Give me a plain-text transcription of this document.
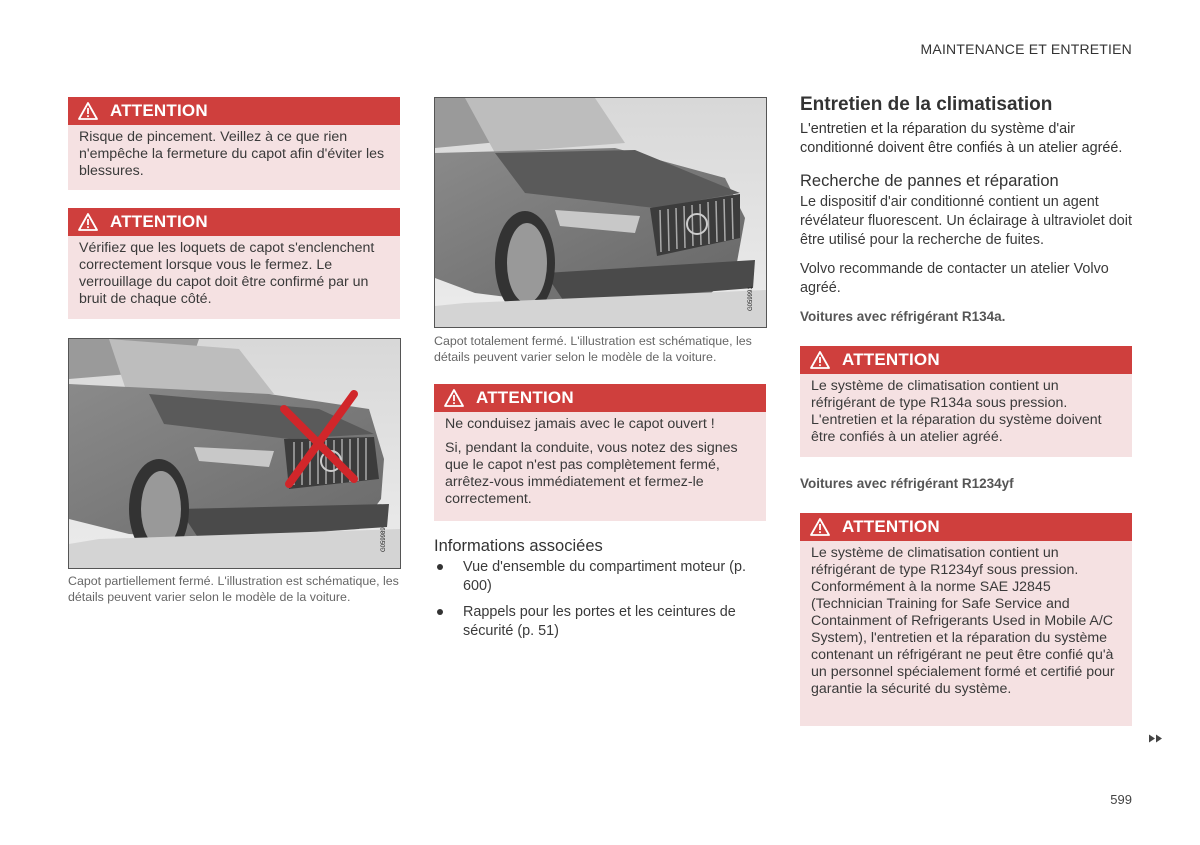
MAINTENANCE ET ENTRETIEN
ATTENTION

Risque de pincement. Veillez à ce que rien n'empêche la fermeture du capot afin d'éviter les blessures.

ATTENTION

Vérifiez que les loquets de capot s'enclenchent correctement lorsque vous le fermez. Le verrouillage du capot doit être confirmé par un bruit de chaque côté.

G059989
Capot partiellement fermé. L'illustration est schématique, les détails peuvent varier selon le modèle de la voiture.
G059991
Capot totalement fermé. L'illustration est schématique, les détails peuvent varier selon le modèle de la voiture.
ATTENTION

Ne conduisez jamais avec le capot ouvert !

Si, pendant la conduite, vous notez des signes que le capot n'est pas complètement fermé, arrêtez-vous immédiatement et fermez-le correctement.

Informations associées
Vue d'ensemble du compartiment moteur (p. 600)
Rappels pour les portes et les ceintures de sécurité (p. 51)
Entretien de la climatisation

L'entretien et la réparation du système d'air conditionné doivent être confiés à un atelier agréé.

Recherche de pannes et réparation

Le dispositif d'air conditionné contient un agent révélateur fluorescent. Un éclairage à ultraviolet doit être utilisé pour la recherche de fuites.

Volvo recommande de contacter un atelier Volvo agréé.

Voitures avec réfrigérant R134a.
ATTENTION

Le système de climatisation contient un réfrigérant de type R134a sous pression. L'entretien et la réparation du système doivent être confiés à un atelier agréé.

Voitures avec réfrigérant R1234yf
ATTENTION

Le système de climatisation contient un réfrigérant de type R1234yf sous pression. Conformément à la norme SAE J2845 (Technician Training for Safe Service and Containment of Refrigerants Used in Mobile A/C System), l'entretien et la réparation du système contenant un réfrigérant ne peut être confié qu'à un personnel spécialement formé et certifié pour garantie la sécurité du système.

599
